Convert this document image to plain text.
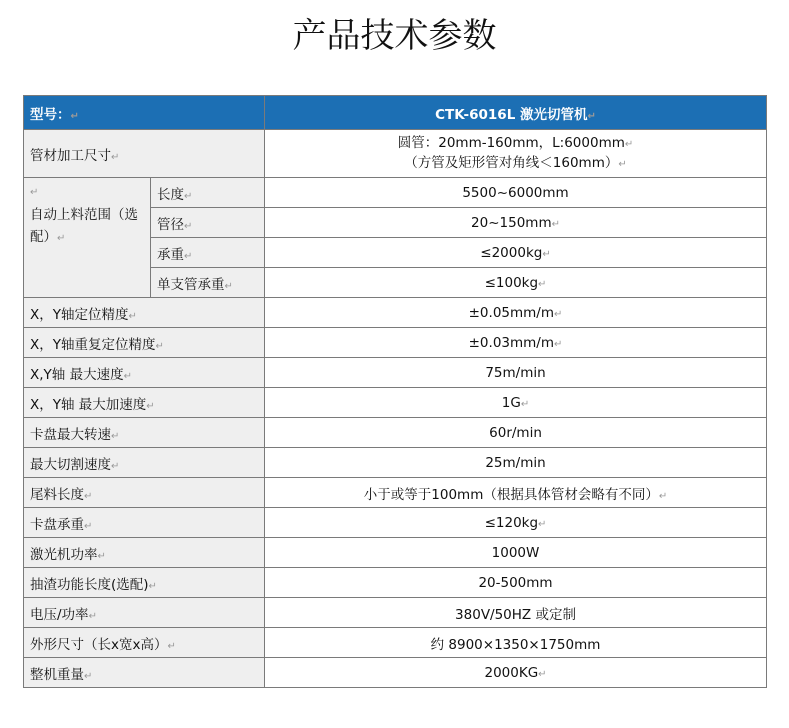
产品技术参数
型号：↵		CTK-6016L 激光切管机↵
管材加工尺寸↵		圆管：20mm-160mm，L:6000mm↵
（方管及矩形管对角线＜160mm）↵

↵
自动上料范围（选配）↵	长度↵	5500~6000mm
	管径↵	20~150mm↵
	承重↵	≤2000kg↵
	单支管承重↵	≤100kg↵
X，Y轴定位精度↵		±0.05mm/m↵
X，Y轴重复定位精度↵		±0.03mm/m↵
X,Y轴 最大速度↵		75m/min
X，Y轴 最大加速度↵		1G↵
卡盘最大转速↵		60r/min
最大切割速度↵		25m/min
尾料长度↵		小于或等于100mm（根据具体管材会略有不同）↵
卡盘承重↵		≤120kg↵
激光机功率↵		1000W
抽渣功能长度(选配)↵		20-500mm
电压/功率↵		380V/50HZ 或定制
外形尺寸（长x宽x高）↵		约 8900×1350×1750mm
整机重量↵		2000KG↵
